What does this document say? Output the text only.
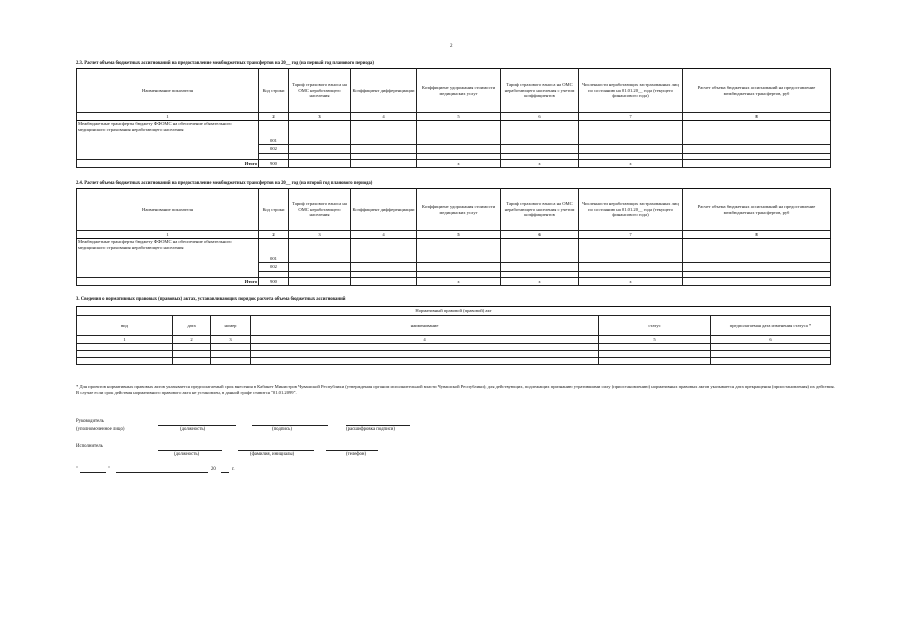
2
2.3. Расчет объема бюджетных ассигнований на предоставление межбюджетных трансфертов на 20__ год (на первый год планового периода)
Наименование показателя	Код строки	Тариф страхового взноса на ОМС неработающего населения	Коэффициент дифференциации	Коэффициент удорожания стоимости медицинских услуг	Тариф страхового взноса на ОМС неработающего населения с учетом коэффициентов	Численности неработающих застрахованных лиц по состоянию на 01.01.20__ года (текущего финансового года)	Расчет объема бюджетных ассигнований на предоставление межбюджетных трансфертов, руб
1	2	3	4	5	6	7	8
Межбюджетные трансферты бюджету ФФОМС на обеспечение обязательного медицинского страхования неработающего населения	001						
	002						

Итого	900			x	x	x	
2.4. Расчет объема бюджетных ассигнований на предоставление межбюджетных трансфертов на 20__ год (на второй год планового периода)
Наименование показателя	Код строки	Тариф страхового взноса на ОМС неработающего населения	Коэффициент дифференциации	Коэффициент удорожания стоимости медицинских услуг	Тариф страхового взноса на ОМС неработающего населения с учетом коэффициентов	Численности неработающих застрахованных лиц по состоянию на 01.01.20__ года (текущего финансового года)	Расчет объема бюджетных ассигнований на предоставление межбюджетных трансфертов, руб
1	2	3	4	5	6	7	8
Межбюджетные трансферты бюджету ФФОМС на обеспечение обязательного медицинского страхования неработающего населения	001						
	002						

Итого	900			x	x	x	
3. Сведения о нормативных правовых (правовых) актах, устанавливающих порядок расчета объема бюджетных ассигнований
Нормативный правовой (правовой) акт					
вид	дата	номер	наименование	статус	предполагаемая дата изменения статуса *
1	2	3	4	5	6

* Для проектов нормативных правовых актов указывается предполагаемый срок внесения в Кабинет Министров Чувашской Республики (утверждения органом исполнительной власти Чувашской Республики); для действующих, подлежащих признанию утратившими силу (приостановлению) нормативных правовых актов указывается дата прекращения (приостановления) их действия. В случае если срок действия нормативного правового акта не установлен, в данной графе ставится "01.01.2099".
Руководитель
(уполномоченное лицо)	(должность)	(подпись)	(расшифровка подписи)
Исполнитель
(должность)	(фамилия, инициалы)	(телефон)
"	"	20	г.
